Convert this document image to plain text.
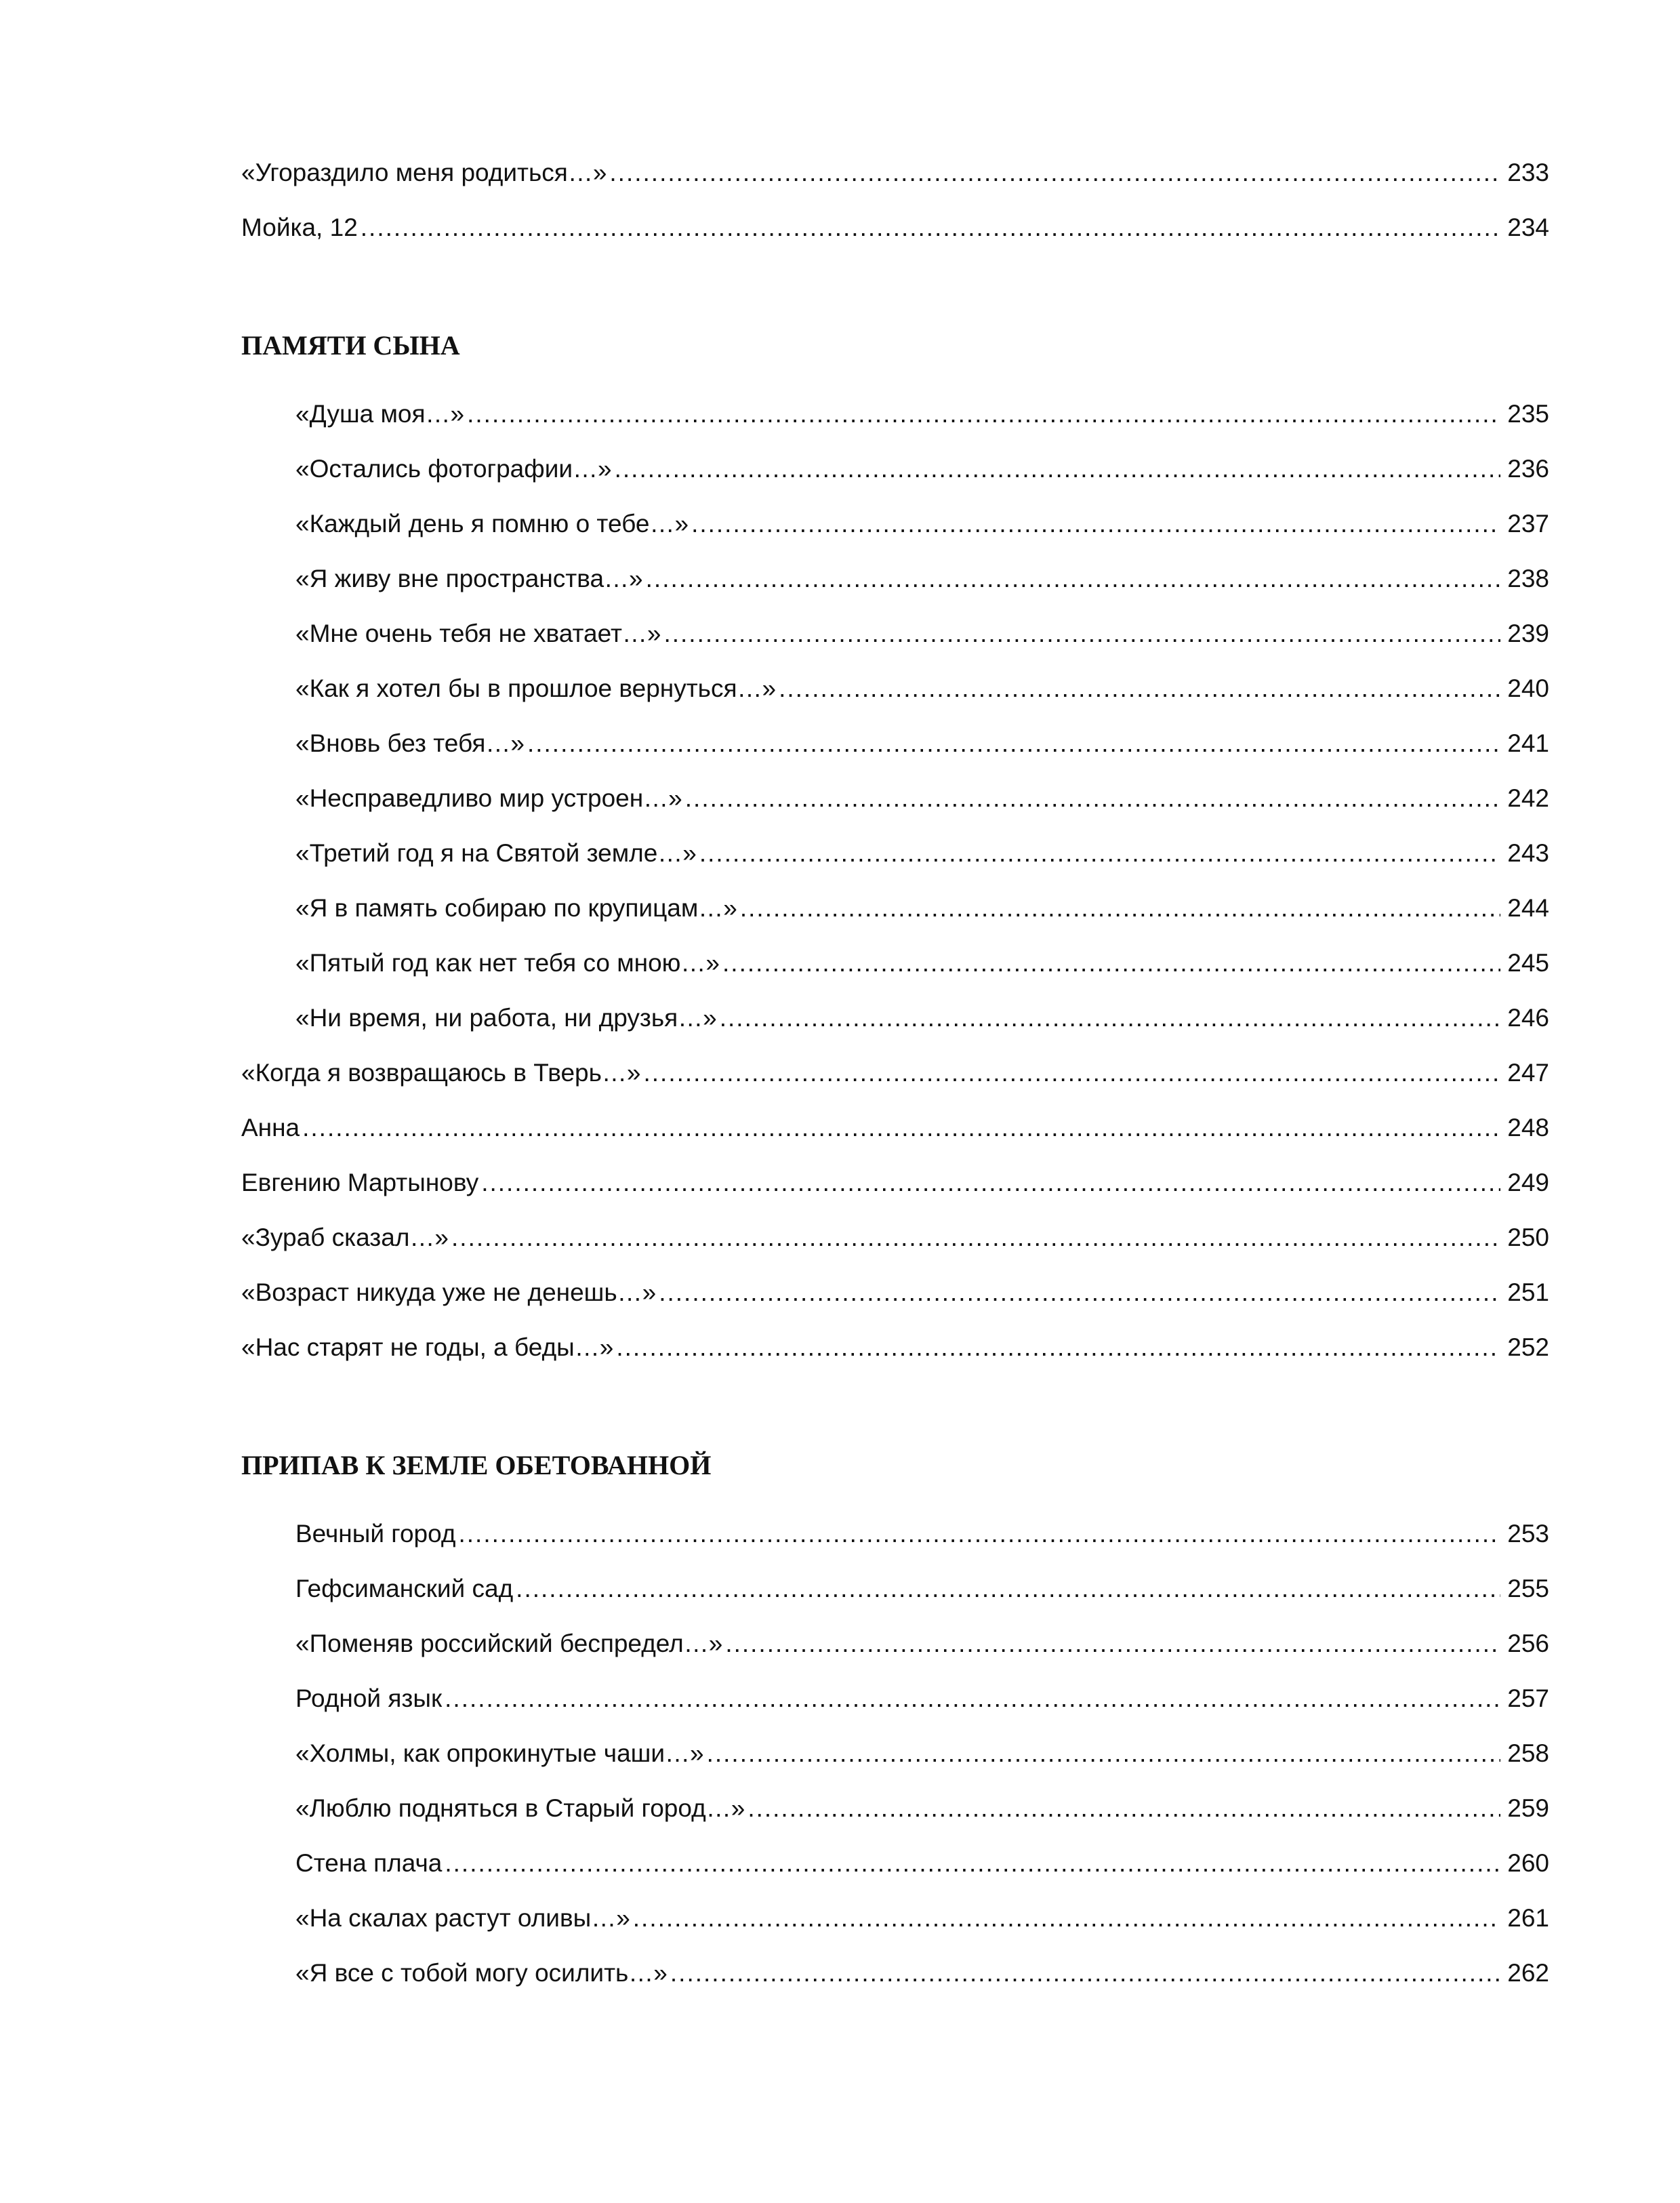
«Угораздило меня родиться…» .....	233
Мойка, 12 .....	234
ПАМЯТИ СЫНА
«Душа моя…» .....	235
«Остались фотографии…» .....	236
«Каждый день я помню о тебе…» .....	237
«Я живу вне пространства…» .....	238
«Мне очень тебя не хватает…» .....	239
«Как я хотел бы в прошлое вернуться…» .....	240
«Вновь без тебя…» .....	241
«Несправедливо мир устроен…» .....	242
«Третий год я на Святой земле…» .....	243
«Я в память собираю по крупицам…» .....	244
«Пятый год как нет тебя со мною…» .....	245
«Ни время, ни работа, ни друзья…» .....	246
«Когда я возвращаюсь в Тверь…» .....	247
Анна .....	248
Евгению Мартынову .....	249
«Зураб сказал…» .....	250
«Возраст никуда уже не денешь…» .....	251
«Нас старят не годы, а беды…» .....	252
ПРИПАВ К ЗЕМЛЕ ОБЕТОВАННОЙ
Вечный город .....	253
Гефсиманский сад .....	255
«Поменяв российский беспредел…» .....	256
Родной язык .....	257
«Холмы, как опрокинутые чаши…» .....	258
«Люблю подняться в Старый город…» .....	259
Стена плача .....	260
«На скалах растут оливы…» .....	261
«Я все с тобой могу осилить…» .....	262
